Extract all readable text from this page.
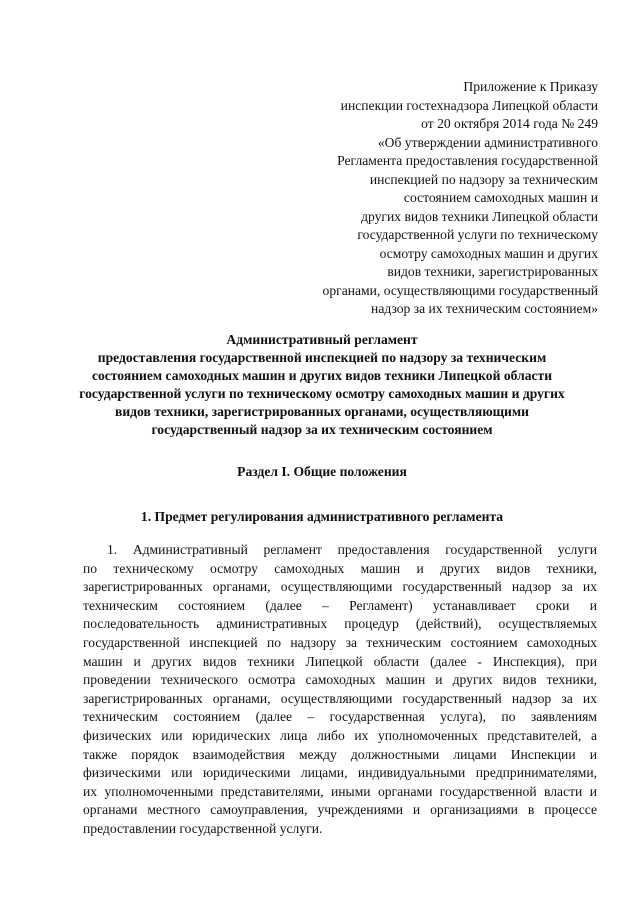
Приложение к Приказу
инспекции гостехнадзора Липецкой области
от 20 октября 2014 года № 249
«Об утверждении административного
Регламента предоставления государственной
инспекцией по надзору за техническим
состоянием самоходных машин и
других видов техники Липецкой области
государственной услуги по техническому
осмотру самоходных машин и других
видов техники, зарегистрированных
органами, осуществляющими государственный
надзор за их техническим состоянием»
Административный регламент
предоставления государственной инспекцией по надзору за техническим
состоянием самоходных машин и других видов техники Липецкой области
государственной услуги по техническому осмотру самоходных машин и других
видов техники, зарегистрированных органами, осуществляющими
государственный надзор за их техническим состоянием
Раздел I. Общие положения
1. Предмет регулирования административного регламента
1. Административный регламент предоставления государственной услуги
по техническому осмотру самоходных машин и других видов техники,
зарегистрированных органами, осуществляющими государственный надзор за их
техническим состоянием (далее – Регламент) устанавливает сроки и
последовательность административных процедур (действий), осуществляемых
государственной инспекцией по надзору за техническим состоянием самоходных
машин и других видов техники Липецкой области (далее - Инспекция), при
проведении технического осмотра самоходных машин и других видов техники,
зарегистрированных органами, осуществляющими государственный надзор за их
техническим состоянием (далее – государственная услуга), по заявлениям
физических или юридических лица либо их уполномоченных представителей, а
также порядок взаимодействия между должностными лицами Инспекции и
физическими или юридическими лицами, индивидуальными предпринимателями,
их уполномоченными представителями, иными органами государственной власти и
органами местного самоуправления, учреждениями и организациями в процессе
предоставлении государственной услуги.
